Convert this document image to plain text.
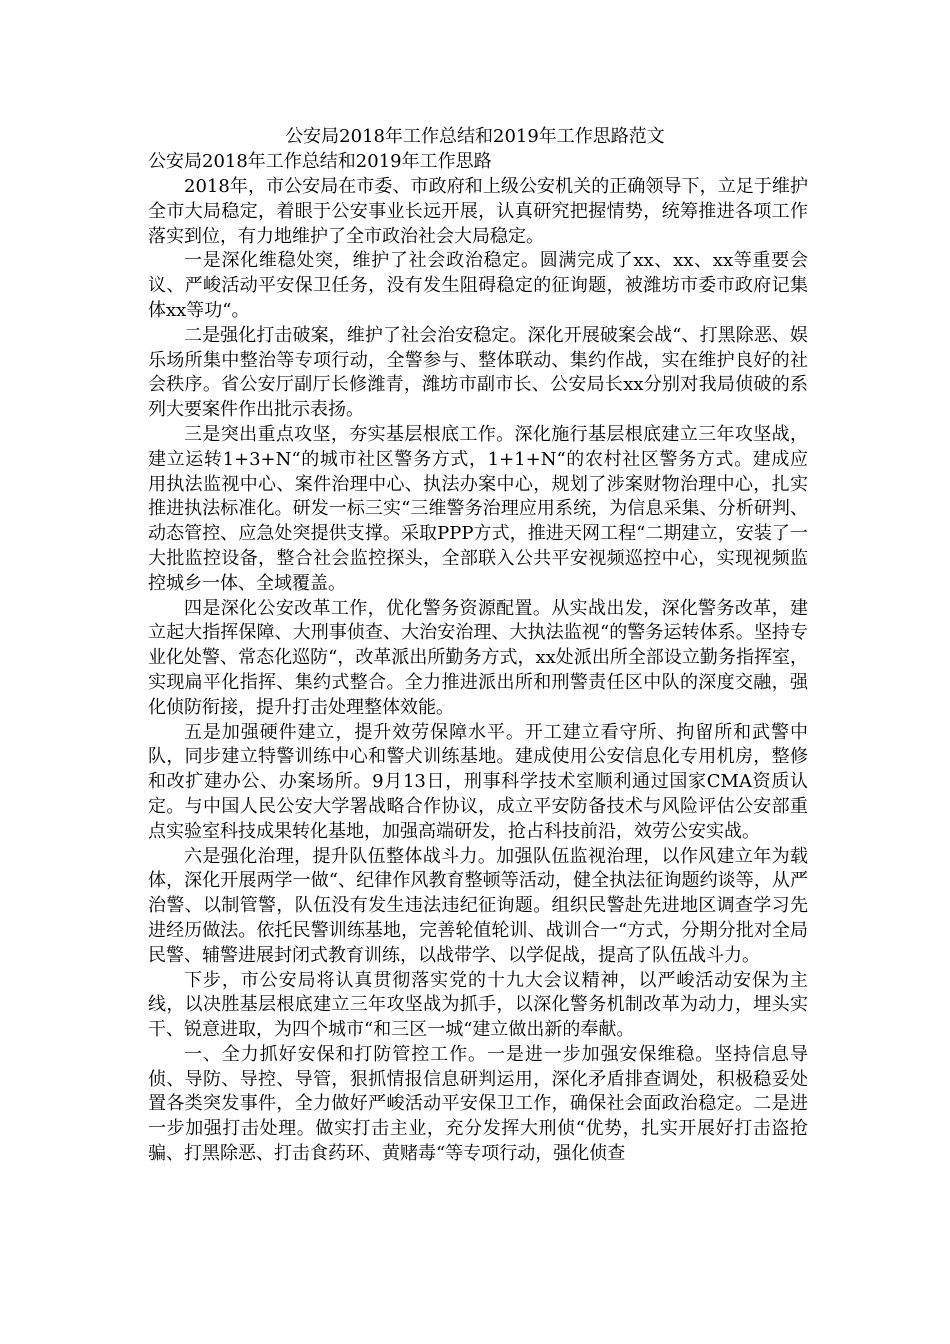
公安局2018年工作总结和2019年工作思路范文
公安局2018年工作总结和2019年工作思路

2018年，市公安局在市委、市政府和上级公安机关的正确领导下，立足于维护全市大局稳定，着眼于公安事业长远开展，认真研究把握情势，统筹推进各项工作落实到位，有力地维护了全市政治社会大局稳定。

一是深化维稳处突，维护了社会政治稳定。圆满完成了xx、xx、xx等重要会议、严峻活动平安保卫任务，没有发生阻碍稳定的征询题，被潍坊市委市政府记集体xx等功“。

二是强化打击破案，维护了社会治安稳定。深化开展破案会战“、打黑除恶、娱乐场所集中整治等专项行动，全警参与、整体联动、集约作战，实在维护良好的社会秩序。省公安厅副厅长修潍青，潍坊市副市长、公安局长xx分别对我局侦破的系列大要案件作出批示表扬。

三是突出重点攻坚，夯实基层根底工作。深化施行基层根底建立三年攻坚战，建立运转1+3+N“的城市社区警务方式，1+1+N“的农村社区警务方式。建成应用执法监视中心、案件治理中心、执法办案中心，规划了涉案财物治理中心，扎实推进执法标准化。研发一标三实“三维警务治理应用系统，为信息采集、分析研判、动态管控、应急处突提供支撑。采取PPP方式，推进天网工程“二期建立，安装了一大批监控设备，整合社会监控探头，全部联入公共平安视频巡控中心，实现视频监控城乡一体、全域覆盖。

四是深化公安改革工作，优化警务资源配置。从实战出发，深化警务改革，建立起大指挥保障、大刑事侦查、大治安治理、大执法监视“的警务运转体系。坚持专业化处警、常态化巡防“，改革派出所勤务方式，xx处派出所全部设立勤务指挥室，实现扁平化指挥、集约式整合。全力推进派出所和刑警责任区中队的深度交融，强化侦防衔接，提升打击处理整体效能。

五是加强硬件建立，提升效劳保障水平。开工建立看守所、拘留所和武警中队，同步建立特警训练中心和警犬训练基地。建成使用公安信息化专用机房，整修和改扩建办公、办案场所。9月13日，刑事科学技术室顺利通过国家CMA资质认定。与中国人民公安大学署战略合作协议，成立平安防备技术与风险评估公安部重点实验室科技成果转化基地，加强高端研发，抢占科技前沿，效劳公安实战。

六是强化治理，提升队伍整体战斗力。加强队伍监视治理，以作风建立年为载体，深化开展两学一做“、纪律作风教育整顿等活动，健全执法征询题约谈等，从严治警、以制管警，队伍没有发生违法违纪征询题。组织民警赴先进地区调查学习先进经历做法。依托民警训练基地，完善轮值轮训、战训合一“方式，分期分批对全局民警、辅警进展封闭式教育训练，以战带学、以学促战，提高了队伍战斗力。

下步，市公安局将认真贯彻落实党的十九大会议精神，以严峻活动安保为主线，以决胜基层根底建立三年攻坚战为抓手，以深化警务机制改革为动力，埋头实干、锐意进取，为四个城市“和三区一城“建立做出新的奉献。

一、全力抓好安保和打防管控工作。一是进一步加强安保维稳。坚持信息导侦、导防、导控、导管，狠抓情报信息研判运用，深化矛盾排查调处，积极稳妥处置各类突发事件，全力做好严峻活动平安保卫工作，确保社会面政治稳定。二是进一步加强打击处理。做实打击主业，充分发挥大刑侦“优势，扎实开展好打击盗抢骗、打黑除恶、打击食药环、黄赌毒“等专项行动，强化侦查
